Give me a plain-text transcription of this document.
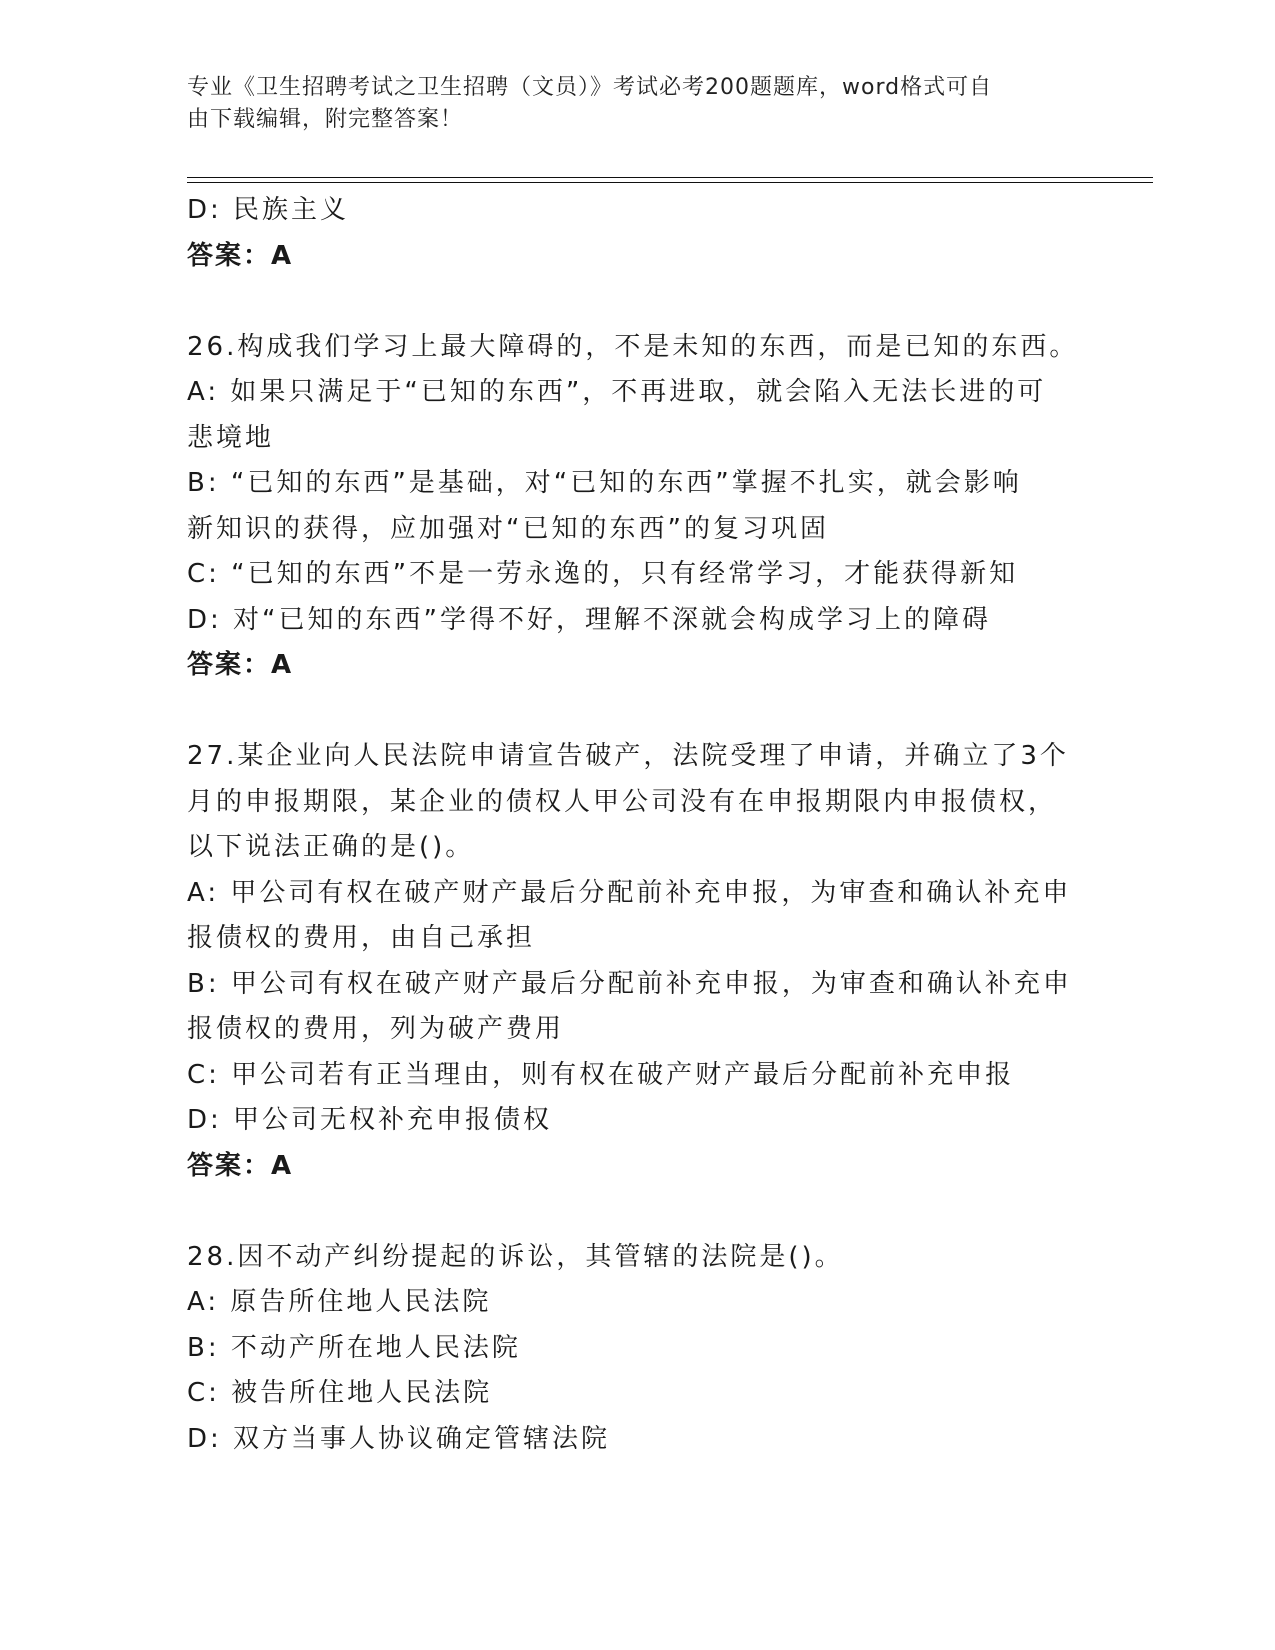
专业《卫生招聘考试之卫生招聘（文员）》考试必考200题题库，word格式可自
由下载编辑，附完整答案！
D: 民族主义
答案：A
26.构成我们学习上最大障碍的，不是未知的东西，而是已知的东西。
A: 如果只满足于“已知的东西”，不再进取，就会陷入无法长进的可
悲境地
B: “已知的东西”是基础，对“已知的东西”掌握不扎实，就会影响
新知识的获得，应加强对“已知的东西”的复习巩固
C: “已知的东西”不是一劳永逸的，只有经常学习，才能获得新知
D: 对“已知的东西”学得不好，理解不深就会构成学习上的障碍
答案：A
27.某企业向人民法院申请宣告破产，法院受理了申请，并确立了3个
月的申报期限，某企业的债权人甲公司没有在申报期限内申报债权，
以下说法正确的是()。
A: 甲公司有权在破产财产最后分配前补充申报，为审查和确认补充申
报债权的费用，由自己承担
B: 甲公司有权在破产财产最后分配前补充申报，为审查和确认补充申
报债权的费用，列为破产费用
C: 甲公司若有正当理由，则有权在破产财产最后分配前补充申报
D: 甲公司无权补充申报债权
答案：A
28.因不动产纠纷提起的诉讼，其管辖的法院是()。
A: 原告所住地人民法院
B: 不动产所在地人民法院
C: 被告所住地人民法院
D: 双方当事人协议确定管辖法院
